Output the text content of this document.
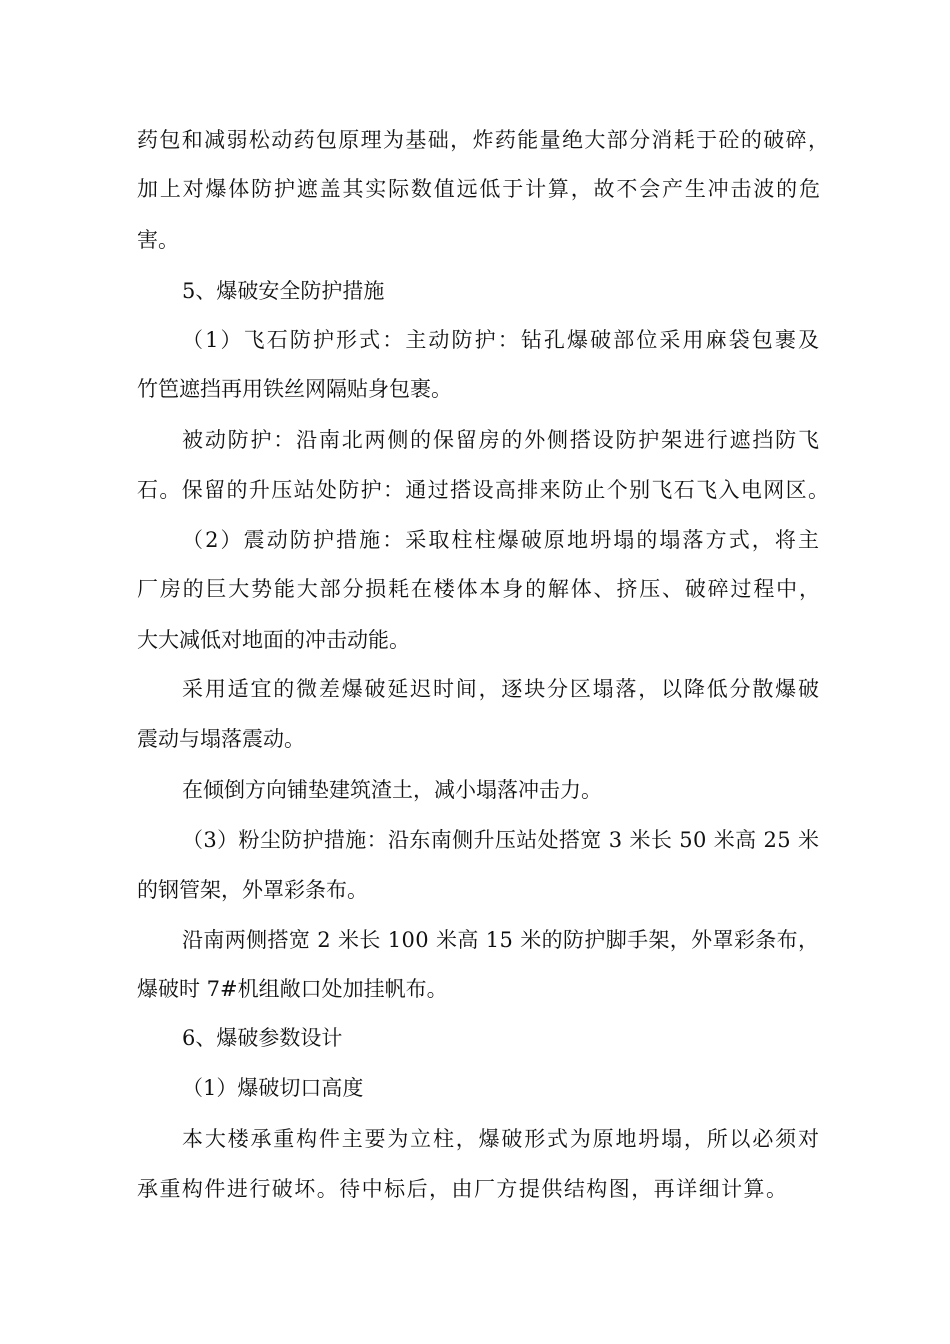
药包和减弱松动药包原理为基础，炸药能量绝大部分消耗于砼的破碎，
加上对爆体防护遮盖其实际数值远低于计算，故不会产生冲击波的危
害。
5、爆破安全防护措施
（1）飞石防护形式：主动防护：钻孔爆破部位采用麻袋包裹及
竹笆遮挡再用铁丝网隔贴身包裹。
被动防护：沿南北两侧的保留房的外侧搭设防护架进行遮挡防飞
石。保留的升压站处防护：通过搭设高排来防止个别飞石飞入电网区。
（2）震动防护措施：采取柱柱爆破原地坍塌的塌落方式，将主
厂房的巨大势能大部分损耗在楼体本身的解体、挤压、破碎过程中，
大大减低对地面的冲击动能。
采用适宜的微差爆破延迟时间，逐块分区塌落，以降低分散爆破
震动与塌落震动。
在倾倒方向铺垫建筑渣土，减小塌落冲击力。
（3）粉尘防护措施：沿东南侧升压站处搭宽 3 米长 50 米高 25 米
的钢管架，外罩彩条布。
沿南两侧搭宽 2 米长 100 米高 15 米的防护脚手架，外罩彩条布，
爆破时 7#机组敞口处加挂帆布。
6、爆破参数设计
（1）爆破切口高度
本大楼承重构件主要为立柱，爆破形式为原地坍塌，所以必须对
承重构件进行破坏。待中标后，由厂方提供结构图，再详细计算。
